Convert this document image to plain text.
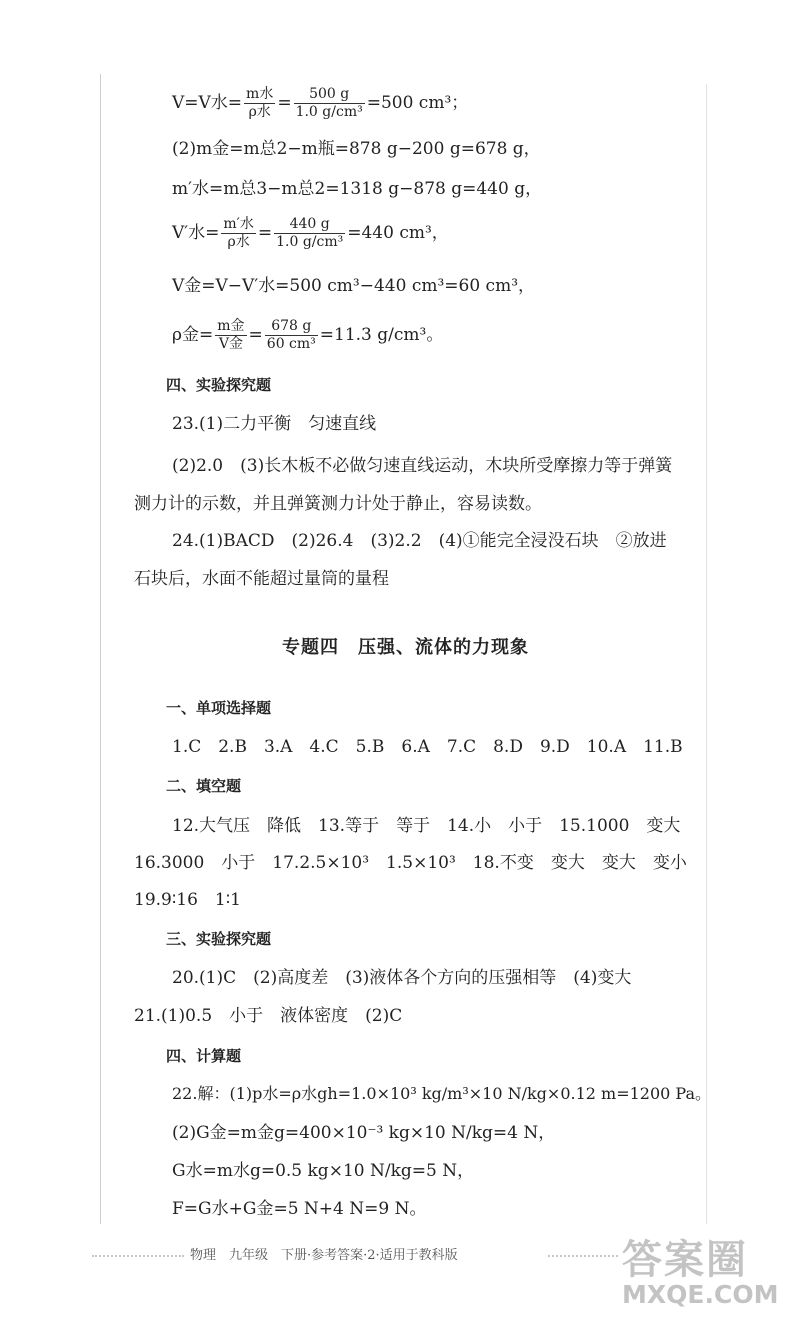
V=V水= $\frac{\text{m水}}{\text{ρ水}} = \frac{500 g}{\text{1.0 g/cm³}} =500$ cm³；
(2)m金=m总2−m瓶=878 g−200 g=678 g，
m′水=m总3−m总2=1318 g−878 g=440 g，
V′水= $\frac{\text{m′水}}{\text{ρ水}} = \frac{440 g}{\text{1.0 g/cm³}} =440$ cm³，
V金=V−V′水=500 cm³−440 cm³=60 cm³，
ρ金= $\frac{\text{m金}}{\text{V金}} = \frac{678 g}{\text{60 cm³}} =11.3$ g/cm³。
四、实验探究题
23.(1)二力平衡　匀速直线
(2)2.0　(3)长木板不必做匀速直线运动，木块所受摩擦力等于弹簧
测力计的示数，并且弹簧测力计处于静止，容易读数。
24.(1)BACD　(2)26.4　(3)2.2　(4)①能完全浸没石块　②放进
石块后，水面不能超过量筒的量程
专题四　压强、流体的力现象
一、单项选择题
1.C　2.B　3.A　4.C　5.B　6.A　7.C　8.D　9.D　10.A　11.B
二、填空题
12.大气压　降低　13.等于　等于　14.小　小于　15.1000　变大
16.3000　小于　17.2.5×10³　1.5×10³　18.不变　变大　变大　变小
19.9∶16　1∶1
三、实验探究题
20.(1)C　(2)高度差　(3)液体各个方向的压强相等　(4)变大
21.(1)0.5　小于　液体密度　(2)C
四、计算题
22.解：(1)p水=ρ水gh=1.0×10³ kg/m³×10 N/kg×0.12 m=1200 Pa。
(2)G金=m金g=400×10⁻³ kg×10 N/kg=4 N，
G水=m水g=0.5 kg×10 N/kg=5 N，
F=G水+G金=5 N+4 N=9 N。
物理　九年级　下册·参考答案·2·适用于教科版	答案圈
MXQE.COM
